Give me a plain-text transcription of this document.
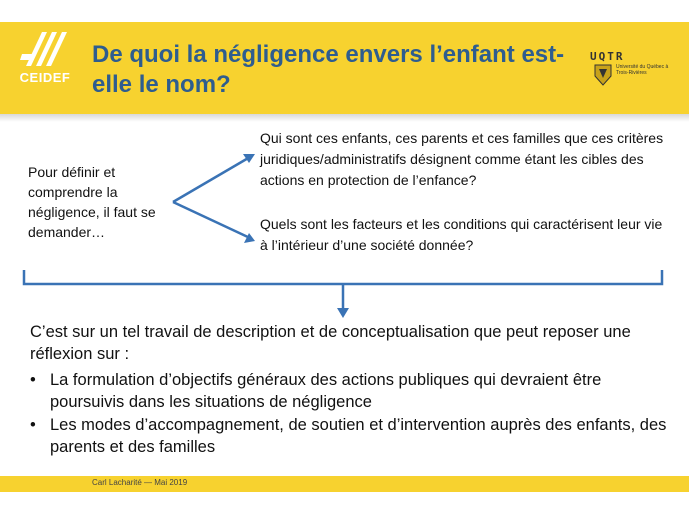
CEIDEF
De quoi la négligence envers l’enfant est-elle le nom?
UQTR
Université du Québec à Trois-Rivières
Pour définir et comprendre la négligence, il faut se demander…
Qui sont ces enfants, ces parents et ces familles que ces critères juridiques/administratifs désignent comme étant les cibles des actions en protection de l’enfance?
Quels sont les facteurs et les conditions qui caractérisent leur vie à l’intérieur d’une société donnée?
C’est sur un tel travail de description et de conceptualisation que peut reposer une réflexion sur :
• La formulation d’objectifs généraux des actions publiques qui devraient être poursuivis dans les situations de négligence
• Les modes d’accompagnement, de soutien et d’intervention auprès des enfants, des parents et des familles
Carl Lacharité — Mai 2019
